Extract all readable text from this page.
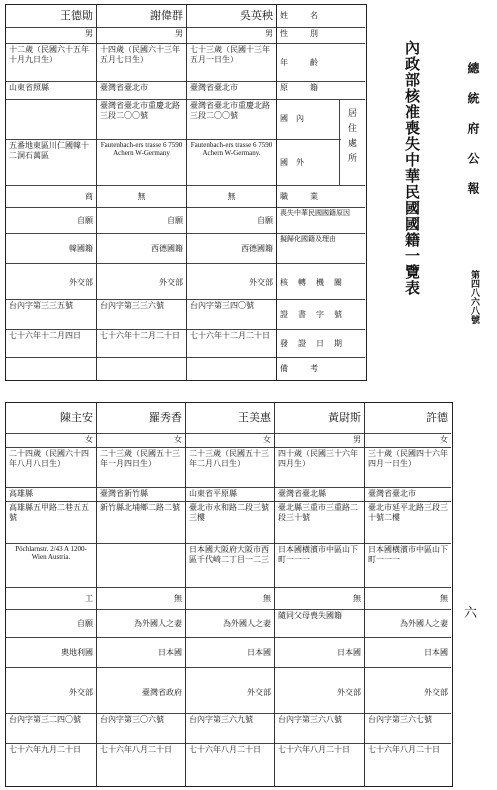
王德勛
男
十二歲（民國六十五年十月九日生）
山東省照縣
五番地東區川仁國韓十二洞石萬區
商
自願
韓國籍
外交部
台內字第三三五號
七十六年十二月四日
謝偉群
男
十四歲（民國六十三年五月七日生）
臺灣省臺北市
臺灣省臺北市重慶北路三段二〇〇號
Fautenbach-ers trasse 6 7590 Achern W-Germany
無
自願
西德國籍
外交部
台內字第三三六號
七十六年十二月二十日
吳英秧
男
七十三歲（民國十三年五月一日生）
臺灣省臺北市
臺灣省臺北市重慶北路三段二〇〇號
Fautenbach-ers trasse 6 7590 Achern W-Germany.
無
自願
西德國籍
外交部
台內字第三四〇號
七十六年十二月二十日
姓名
性別
年齡
原籍
國內
國外	居住處所
職業
喪失中華民國國籍原因
擬歸化國籍及理由
核轉機關
證書字號
發證日期
備考
內政部核准喪失中華民國國籍一覽表	總統府公報
第四八六八號
六
陳主安
女
二十四歲（民國六十四年八月八日生）
高雄縣
高雄縣五甲路二巷五五號
Pöchlarnstr. 2/43 A 1200-Wien Austria.
工
自願
奧地利國
外交部
台內字第三二四〇號
七十六年九月二十日
羅秀香
女
二十三歲（民國五十三年一月四日生）
臺灣省新竹縣
新竹縣北埔鄉二路二號
無
為外國人之妻
日本國
臺灣省政府
台內字第三〇六號
七十六年八月二十日
王美惠
女
二十三歲（民國五十三年二月八日生）
山東省平原縣
臺北市永和路二段三號三樓
日本國大阪府大阪市西區千代崎二丁目一二三
無
為外國人之妻
日本國
外交部
台內字第三六九號
七十六年八月二十日
黃尉斯
男
四十歲（民國三十六年四月生）
臺灣省臺北縣
臺北縣三重市三重路二段三十號
日本國橫濱市中區山下町一一一
無
隨同父母喪失國籍
日本國
外交部
台內字第三六八號
七十六年八月二十日
許德
女
三十歲（民國四十六年四月一日生）
臺灣省臺北市
臺北市延平北路三段三十號二樓
日本國橫濱市中區山下町一一一
無
為外國人之妻
日本國
外交部
台內字第三六七號
七十六年八月二十日
